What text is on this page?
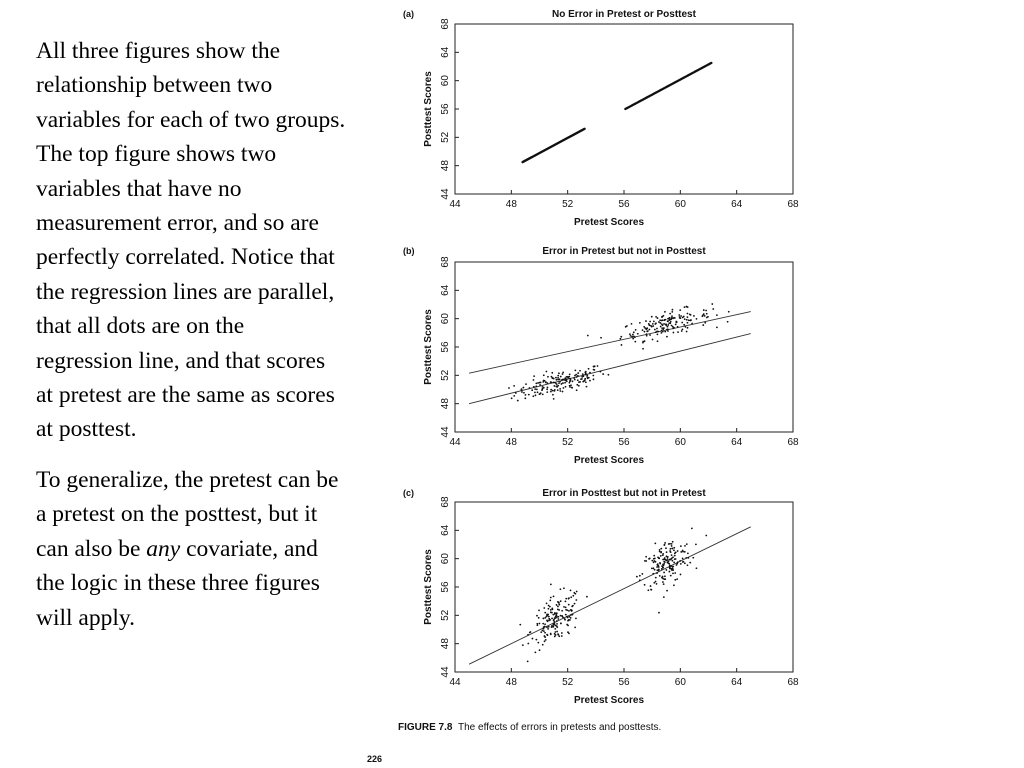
All three figures show the relationship between two variables for each of two groups. The top figure shows two variables that have no measurement error, and so are perfectly correlated. Notice that the regression lines are parallel, that all dots are on the regression line, and that scores at pretest are the same as scores at posttest.

To generalize, the pretest can be a pretest on the posttest, but it can also be any covariate, and the logic in these three figures will apply.

FIGURE 7.8 The effects of errors in pretests and posttests.
226
(a)	No Error in Pretest or Posttest
44	48	52	56	60	64	68
44
48
52
56
60
64
68
Pretest Scores
Posttest Scores
(b)	Error in Pretest but not in Posttest
44	48	52	56	60	64	68
44
48
52
56
60
64
68
Pretest Scores
Posttest Scores
(c)	Error in Posttest but not in Pretest
44	48	52	56	60	64	68
44
48
52
56
60
64
68
Pretest Scores
Posttest Scores
